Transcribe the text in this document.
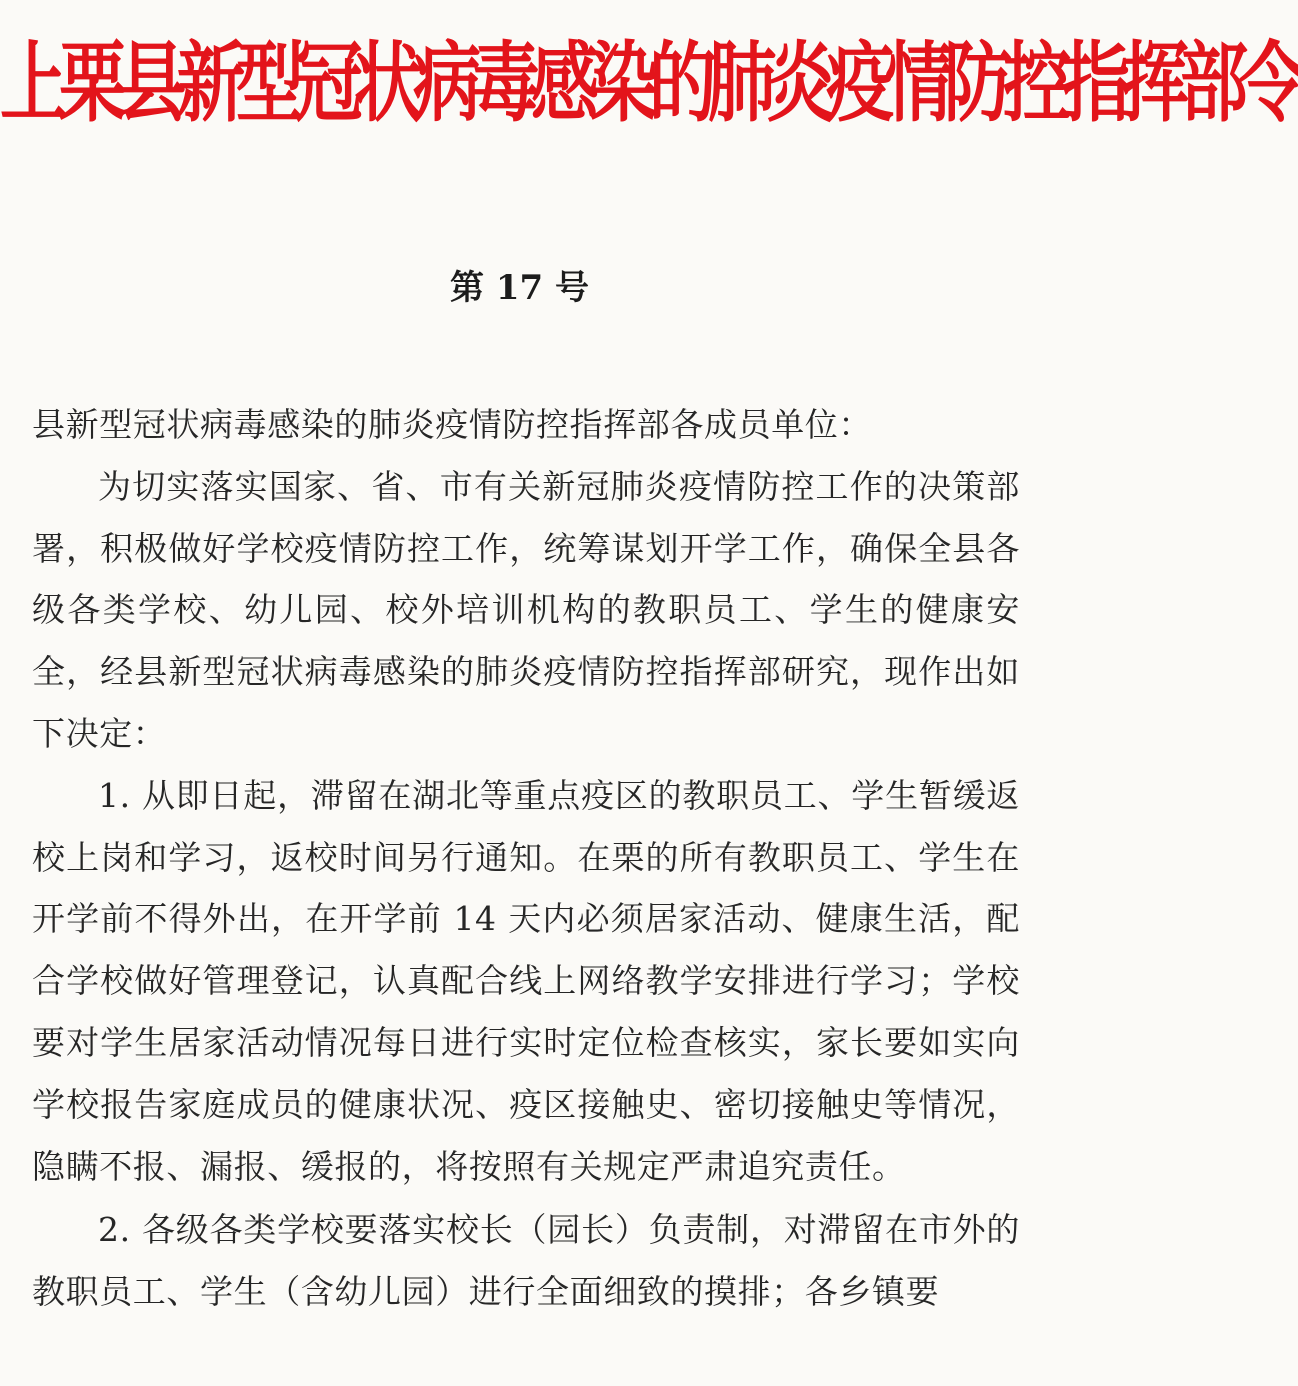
上栗县新型冠状病毒感染的肺炎疫情防控指挥部令
第 17 号

县新型冠状病毒感染的肺炎疫情防控指挥部各成员单位：

为切实落实国家、省、市有关新冠肺炎疫情防控工作的决策部署，积极做好学校疫情防控工作，统筹谋划开学工作，确保全县各级各类学校、幼儿园、校外培训机构的教职员工、学生的健康安全，经县新型冠状病毒感染的肺炎疫情防控指挥部研究，现作出如下决定：

1. 从即日起，滞留在湖北等重点疫区的教职员工、学生暂缓返校上岗和学习，返校时间另行通知。在栗的所有教职员工、学生在开学前不得外出，在开学前 14 天内必须居家活动、健康生活，配合学校做好管理登记，认真配合线上网络教学安排进行学习；学校要对学生居家活动情况每日进行实时定位检查核实，家长要如实向学校报告家庭成员的健康状况、疫区接触史、密切接触史等情况，隐瞒不报、漏报、缓报的，将按照有关规定严肃追究责任。

2. 各级各类学校要落实校长（园长）负责制，对滞留在市外的教职员工、学生（含幼儿园）进行全面细致的摸排；各乡镇要
